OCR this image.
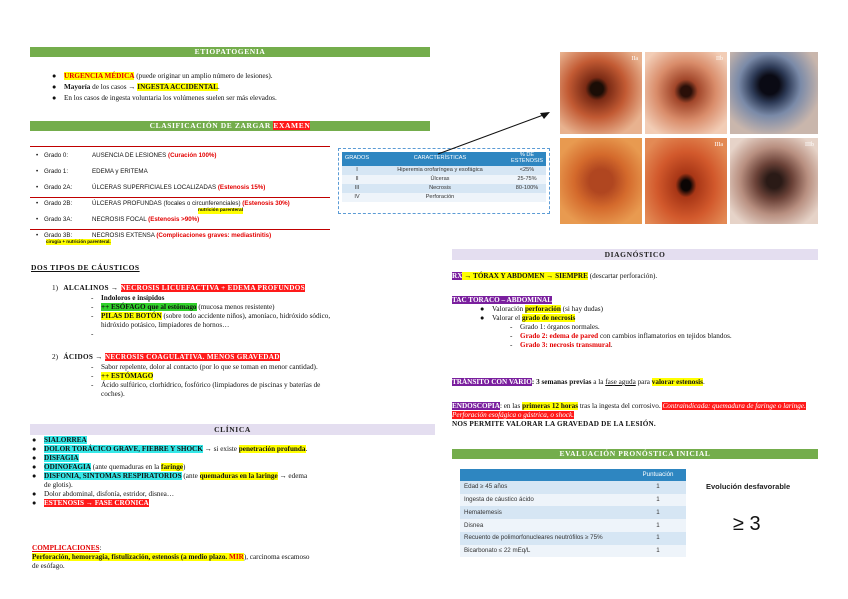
ETIOPATOGENIA
● URGENCIA MÉDICA (puede originar un amplio número de lesiones).
● Mayoría de los casos → INGESTA ACCIDENTAL.
● En los casos de ingesta voluntaria los volúmenes suelen ser más elevados.
CLASIFICACIÓN DE ZARGAR EXAMEN
• Grado 0:	AUSENCIA DE LESIONES (Curación 100%)
• Grado 1:	EDEMA y ERITEMA
• Grado 2A:	ÚLCERAS SUPERFICIALES LOCALIZADAS (Estenosis 15%)
• Grado 2B:	ÚLCERAS PROFUNDAS (focales o circunferenciales) (Estenosis 30%)
• Grado 3A:	NECROSIS FOCAL (Estenosis >90%)
• Grado 3B:	NECROSIS EXTENSA (Complicaciones graves: mediastinitis)
nutrición parenteral
cirugía + nutrición parenteral.
GRADOS	CARACTERÍSTICAS	% DE ESTENOSIS
I	Hiperemia orofaríngea y esofágica	<25%
II	Úlceras	25-75%
III	Necrosis	80-100%
IV	Perforación	
IIa	IIb
IIIa	IIIb
DOS TIPOS DE CÁUSTICOS
1) ALCALINOS → NECROSIS LICUEFACTIVA + EDEMA PROFUNDOS
- Indoloros e insípidos
- ++ ESÓFAGO que al estómago (mucosa menos resistente)
- PILAS DE BOTÓN (sobre todo accidente niños), amoníaco, hidróxido sódico,
hidróxido potásico, limpiadores de hornos…
-

2) ÁCIDOS → NECROSIS COAGULATIVA. MENOS GRAVEDAD
- Sabor repelente, dolor al contacto (por lo que se toman en menor cantidad).
- ++ ESTÓMAGO
- Ácido sulfúrico, clorhídrico, fosfórico (limpiadores de piscinas y baterías de
coches).
CLÍNICA
● SIALORREA
● DOLOR TORÁCICO GRAVE, FIEBRE Y SHOCK → si existe penetración profunda.
● DISFAGIA
● ODINOFAGIA (ante quemaduras en la faringe)
● DISFONIA, SINTOMAS RESPIRATORIOS (ante quemaduras en la laringe → edema
de glotis).
● Dolor abdominal, disfonía, estridor, disnea…
● ESTENOSIS → FASE CRÓNICA
COMPLICACIONES:
Perforación, hemorragia, fistulización, estenosis (a medio plazo. MIR), carcinoma escamoso
de esófago.
DIAGNÓSTICO
RX → TÓRAX Y ABDOMEN → SIEMPRE (descartar perforación).
TAC TORACO – ABDOMINAL
● Valoración perforación (si hay dudas)
● Valorar el grado de necrosis
- Grado 1: órganos normales.
- Grado 2: edema de pared con cambios inflamatorios en tejidos blandos.
- Grado 3: necrosis transmural.
TRÁNSITO CON VARIO: 3 semanas previas a la fase aguda para valorar estenosis.
ENDOSCOPIA: en las primeras 12 horas tras la ingesta del corrosivo. Contraindicada: quemadura de faringe o laringe. Perforación esofágica o gástrica, o shock.
NOS PERMITE VALORAR LA GRAVEDAD DE LA LESIÓN.
EVALUACIÓN PRONÓSTICA INICIAL
	Puntuación
Edad ≥ 45 años	1
Ingesta de cáustico ácido	1
Hematemesis	1
Disnea	1
Recuento de polimorfonucleares neutrófilos ≥ 75%	1
Bicarbonato ≤ 22 mEq/L	1
Evolución desfavorable
≥ 3
